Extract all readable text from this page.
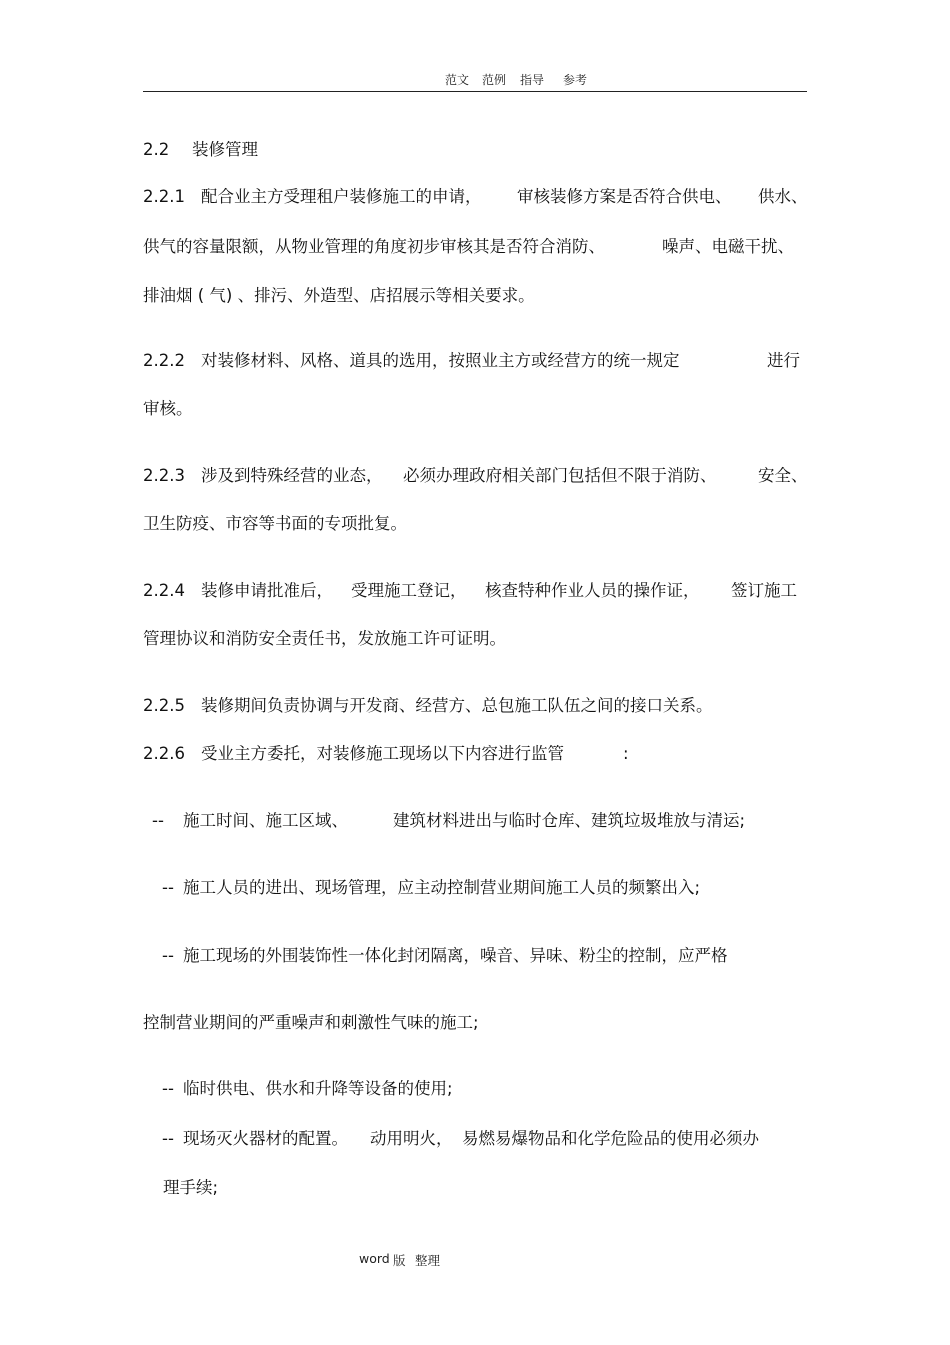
范文 范例 指导 参考
2.2 装修管理
2.2.1 配合业主方受理租户装修施工的申请， 审核装修方案是否符合供电、 供水、
供气的容量限额，从物业管理的角度初步审核其是否符合消防、	噪声、电磁干扰、
排油烟 ( 气) 、排污、外造型、店招展示等相关要求。
2.2.2 对装修材料、风格、道具的选用，按照业主方或经营方的统一规定	进行
审核。
2.2.3 涉及到特殊经营的业态， 必须办理政府相关部门包括但不限于消防、	安全、
卫生防疫、市容等书面的专项批复。
2.2.4 装修申请批准后， 受理施工登记， 核查特种作业人员的操作证， 签订施工
管理协议和消防安全责任书，发放施工许可证明。
2.2.5 装修期间负责协调与开发商、经营方、总包施工队伍之间的接口关系。
2.2.6 受业主方委托，对装修施工现场以下内容进行监管	:
-- 施工时间、施工区域、	建筑材料进出与临时仓库、建筑垃圾堆放与清运;
-- 施工人员的进出、现场管理，应主动控制营业期间施工人员的频繁出入;
-- 施工现场的外围装饰性一体化封闭隔离，噪音、异味、粉尘的控制，应严格
控制营业期间的严重噪声和刺激性气味的施工;
-- 临时供电、供水和升降等设备的使用;
-- 现场灭火器材的配置。 动用明火， 易燃易爆物品和化学危险品的使用必须办
理手续;
word 版 整理
